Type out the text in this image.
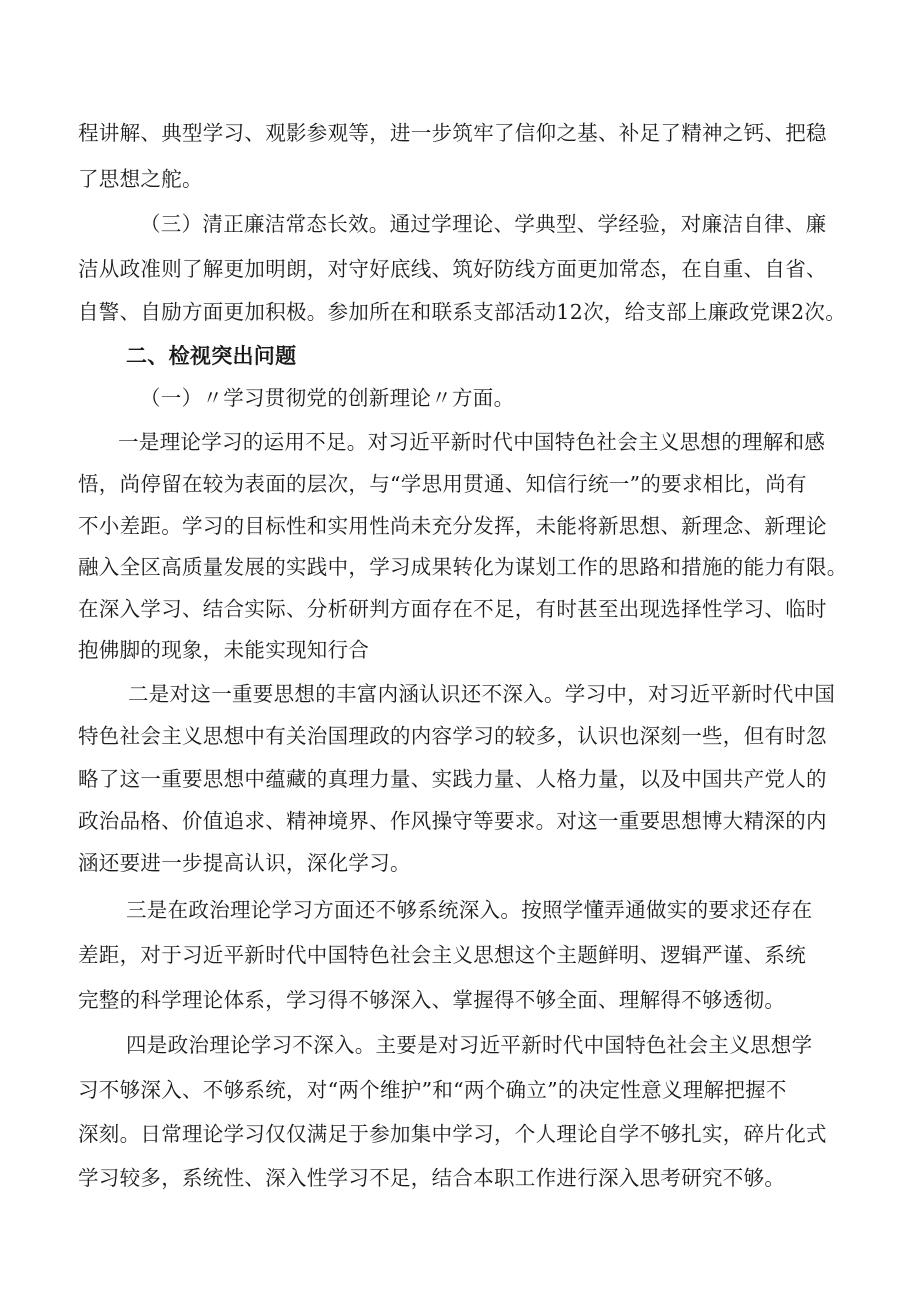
程讲解、典型学习、观影参观等，进一步筑牢了信仰之基、补足了精神之钙、把稳
了思想之舵。
（三）清正廉洁常态长效。通过学理论、学典型、学经验，对廉洁自律、廉
洁从政准则了解更加明朗，对守好底线、筑好防线方面更加常态，在自重、自省、
自警、自励方面更加积极。参加所在和联系支部活动12次，给支部上廉政党课2次。
二、检视突出问题
（一）〃学习贯彻党的创新理论〃方面。
一是理论学习的运用不足。对习近平新时代中国特色社会主义思想的理解和感
悟，尚停留在较为表面的层次，与“学思用贯通、知信行统一”的要求相比，尚有
不小差距。学习的目标性和实用性尚未充分发挥，未能将新思想、新理念、新理论
融入全区高质量发展的实践中，学习成果转化为谋划工作的思路和措施的能力有限。
在深入学习、结合实际、分析研判方面存在不足，有时甚至出现选择性学习、临时
抱佛脚的现象，未能实现知行合
二是对这一重要思想的丰富内涵认识还不深入。学习中，对习近平新时代中国
特色社会主义思想中有关治国理政的内容学习的较多，认识也深刻一些，但有时忽
略了这一重要思想中蕴藏的真理力量、实践力量、人格力量，以及中国共产党人的
政治品格、价值追求、精神境界、作风操守等要求。对这一重要思想博大精深的内
涵还要进一步提高认识，深化学习。
三是在政治理论学习方面还不够系统深入。按照学懂弄通做实的要求还存在
差距，对于习近平新时代中国特色社会主义思想这个主题鲜明、逻辑严谨、系统
完整的科学理论体系，学习得不够深入、掌握得不够全面、理解得不够透彻。
四是政治理论学习不深入。主要是对习近平新时代中国特色社会主义思想学
习不够深入、不够系统，对“两个维护”和“两个确立”的决定性意义理解把握不
深刻。日常理论学习仅仅满足于参加集中学习，个人理论自学不够扎实，碎片化式
学习较多，系统性、深入性学习不足，结合本职工作进行深入思考研究不够。
